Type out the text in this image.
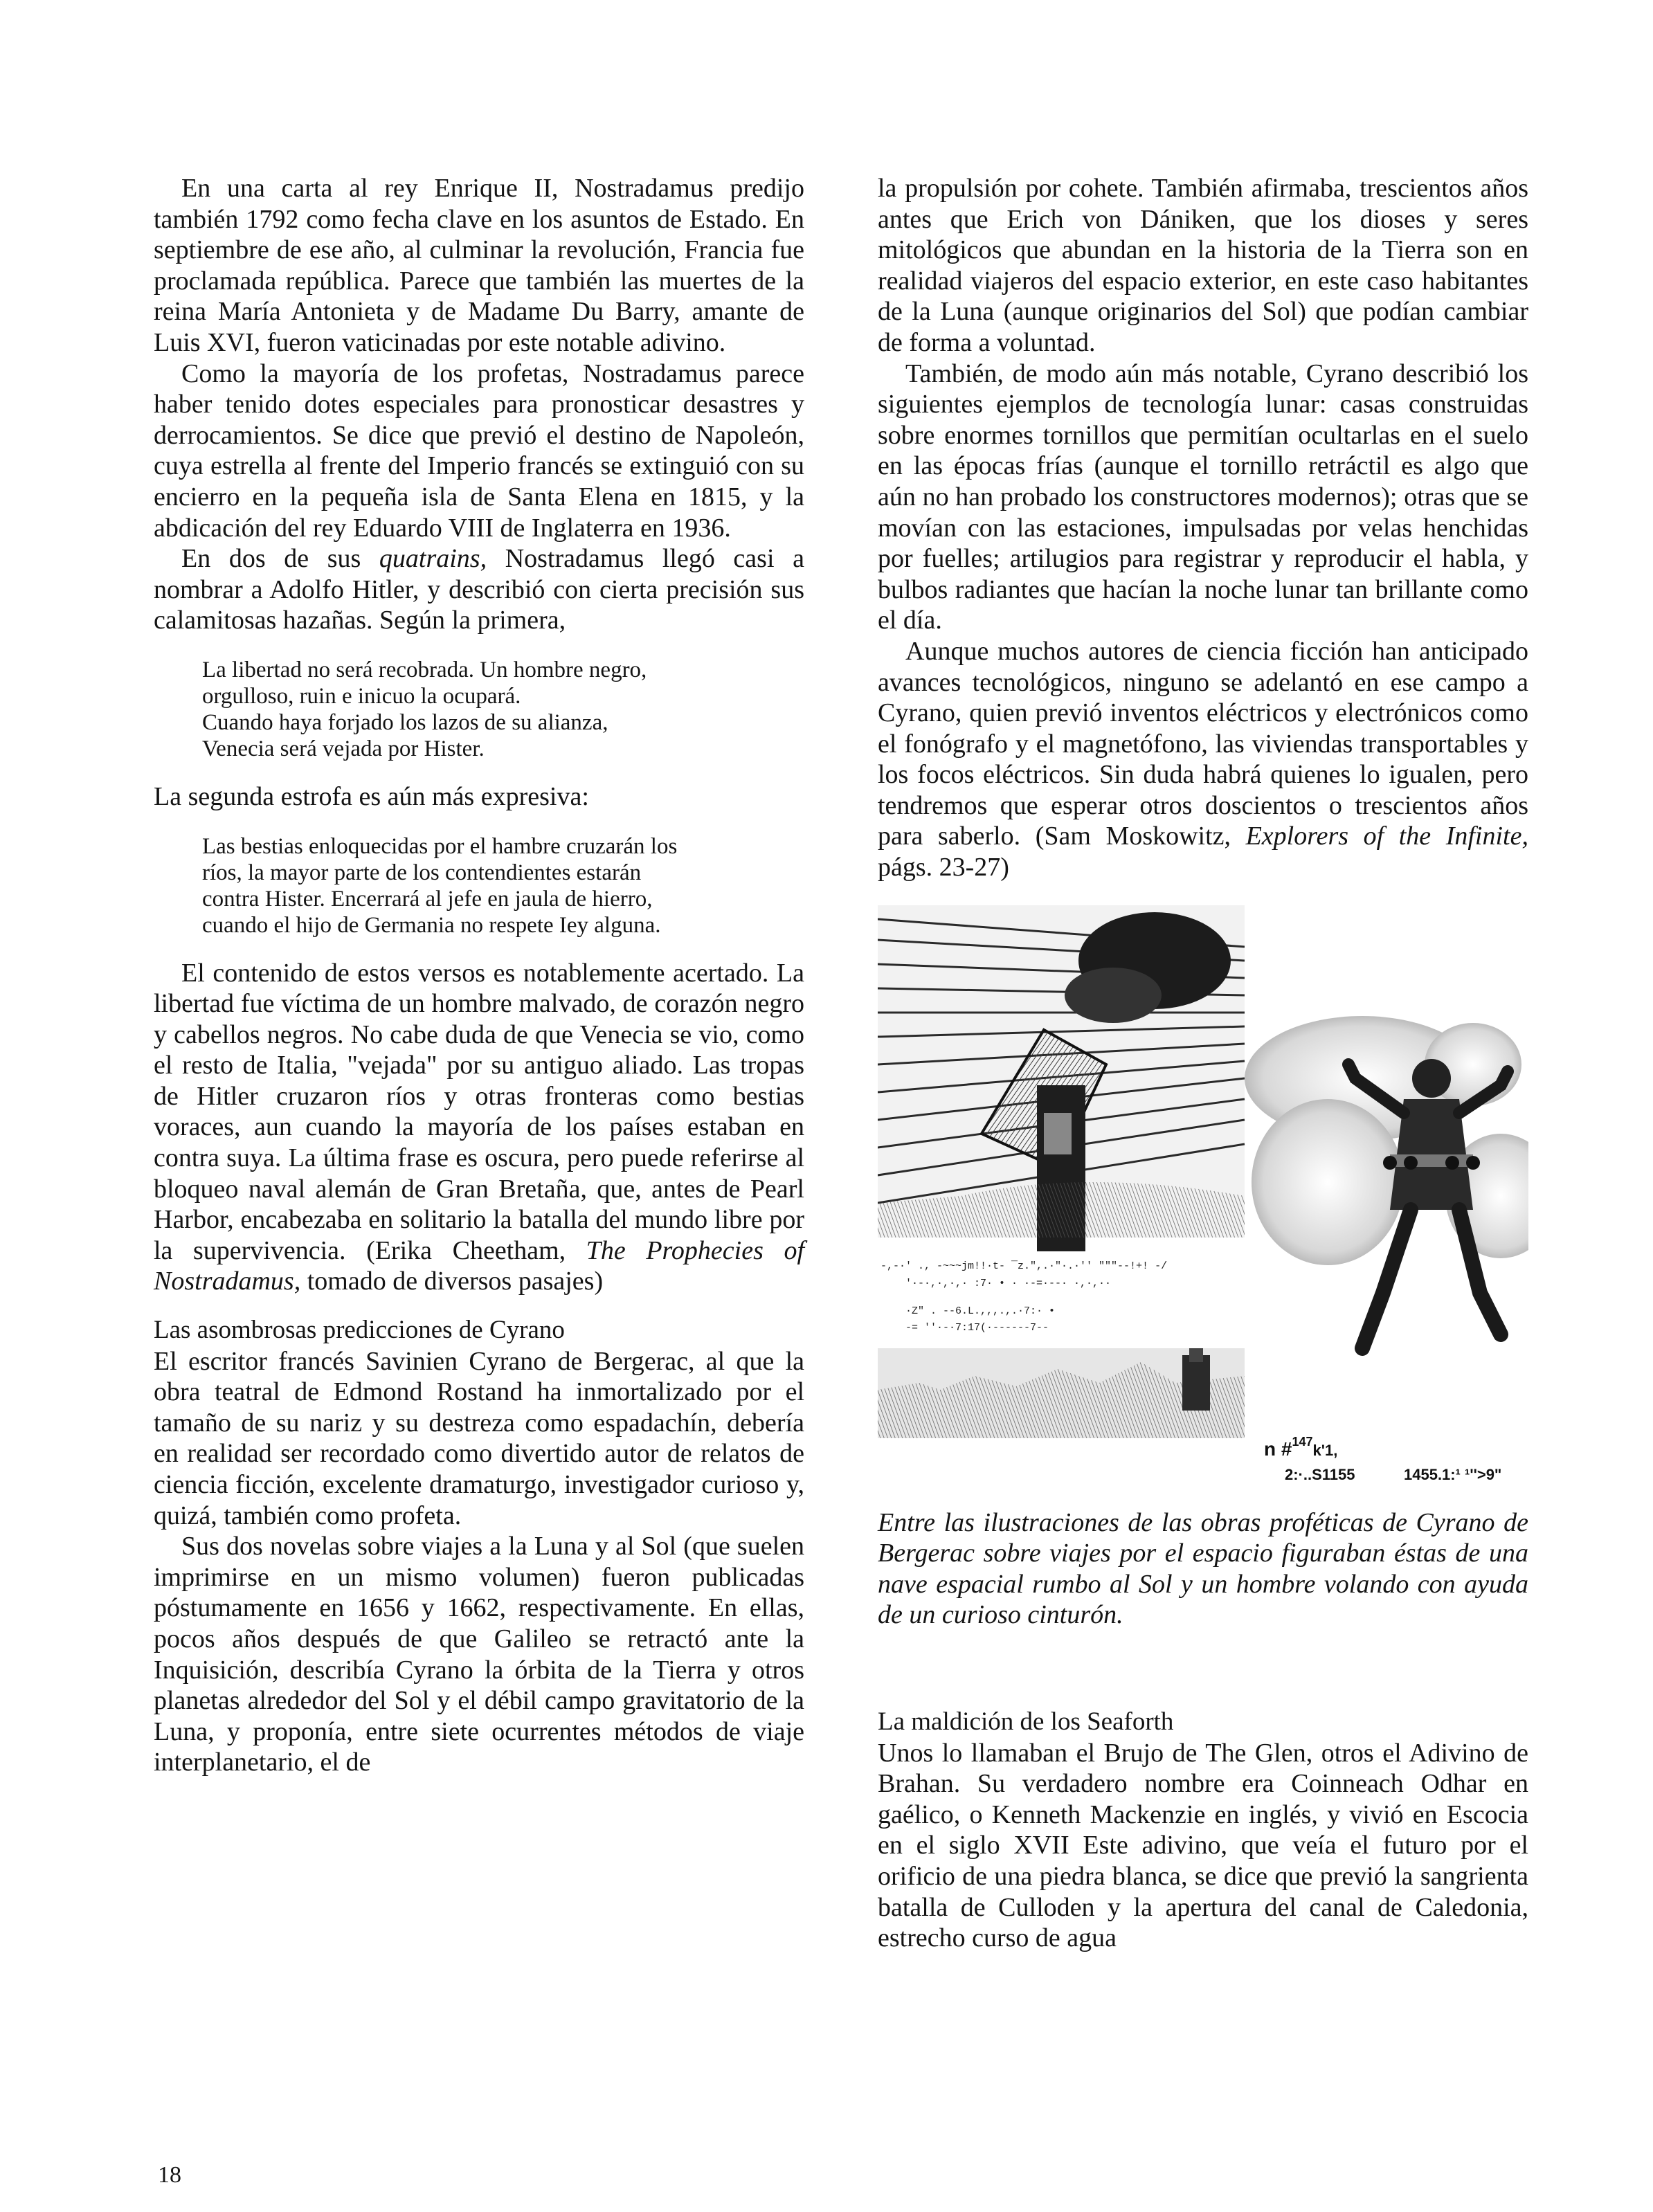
En una carta al rey Enrique II, Nostradamus predijo también 1792 como fecha clave en los asuntos de Estado. En septiembre de ese año, al culminar la revolución, Francia fue proclamada república. Parece que también las muertes de la reina María Antonieta y de Madame Du Barry, amante de Luis XVI, fueron vaticinadas por este notable adivino.

Como la mayoría de los profetas, Nostradamus parece haber tenido dotes especiales para pronosticar desastres y derrocamientos. Se dice que previó el destino de Napoleón, cuya estrella al frente del Imperio francés se extinguió con su encierro en la pequeña isla de Santa Elena en 1815, y la abdicación del rey Eduardo VIII de Inglaterra en 1936.

En dos de sus quatrains, Nostradamus llegó casi a nombrar a Adolfo Hitler, y describió con cierta precisión sus calamitosas hazañas. Según la primera,

La libertad no será recobrada. Un hombre negro,
orgulloso, ruin e inicuo la ocupará.
Cuando haya forjado los lazos de su alianza,
Venecia será vejada por Hister.

La segunda estrofa es aún más expresiva:

Las bestias enloquecidas por el hambre cruzarán los
ríos, la mayor parte de los contendientes estarán
contra Hister. Encerrará al jefe en jaula de hierro,
cuando el hijo de Germania no respete Iey alguna.

El contenido de estos versos es notablemente acertado. La libertad fue víctima de un hombre malvado, de corazón negro y cabellos negros. No cabe duda de que Venecia se vio, como el resto de Italia, "vejada" por su antiguo aliado. Las tropas de Hitler cruzaron ríos y otras fronteras como bestias voraces, aun cuando la mayoría de los países estaban en contra suya. La última frase es oscura, pero puede referirse al bloqueo naval alemán de Gran Bretaña, que, antes de Pearl Harbor, encabezaba en solitario la batalla del mundo libre por la supervivencia. (Erika Cheetham, The Prophecies of Nostradamus, tomado de diversos pasajes)

Las asombrosas predicciones de Cyrano

El escritor francés Savinien Cyrano de Bergerac, al que la obra teatral de Edmond Rostand ha inmortalizado por el tamaño de su nariz y su destreza como espadachín, debería en realidad ser recordado como divertido autor de relatos de ciencia ficción, excelente dramaturgo, investigador curioso y, quizá, también como profeta.

Sus dos novelas sobre viajes a la Luna y al Sol (que suelen imprimirse en un mismo volumen) fueron publicadas póstumamente en 1656 y 1662, respectivamente. En ellas, pocos años después de que Galileo se retractó ante la Inquisición, describía Cyrano la órbita de la Tierra y otros planetas alrededor del Sol y el débil campo gravitatorio de la Luna, y proponía, entre siete ocurrentes métodos de viaje interplanetario, el de

la propulsión por cohete. También afirmaba, trescientos años antes que Erich von Dániken, que los dioses y seres mitológicos que abundan en la historia de la Tierra son en realidad viajeros del espacio exterior, en este caso habitantes de la Luna (aunque originarios del Sol) que podían cambiar de forma a voluntad.

También, de modo aún más notable, Cyrano describió los siguientes ejemplos de tecnología lunar: casas construidas sobre enormes tornillos que permitían ocultarlas en el suelo en las épocas frías (aunque el tornillo retráctil es algo que aún no han probado los constructores modernos); otras que se movían con las estaciones, impulsadas por velas henchidas por fuelles; artilugios para registrar y reproducir el habla, y bulbos radiantes que hacían la noche lunar tan brillante como el día.

Aunque muchos autores de ciencia ficción han anticipado avances tecnológicos, ninguno se adelantó en ese campo a Cyrano, quien previó inventos eléctricos y electrónicos como el fonógrafo y el magnetófono, las viviendas transportables y los focos eléctricos. Sin duda habrá quienes lo igualen, pero tendremos que esperar otros doscientos o trescientos años para saberlo. (Sam Moskowitz, Explorers of the Infinite, págs. 23-27)

-,-·' ., -~~~jm!!·t- ¯z.",.·"·.·'' """--!+! -/
'·-·,·,·,· :7· • · ·-=·--· ·,·,··
·Z" . --6.L.,,,.,.·7:· •
-= ''·-·7:17(·------7--
n #$^{147}_{k'1,}$
2:·..S1155	1455.1:¹ ¹''>9"

Entre las ilustraciones de las obras proféticas de Cyrano de Bergerac sobre viajes por el espacio figuraban éstas de una nave espacial rumbo al Sol y un hombre volando con ayuda de un curioso cinturón.

La maldición de los Seaforth

Unos lo llamaban el Brujo de The Glen, otros el Adivino de Brahan. Su verdadero nombre era Coinneach Odhar en gaélico, o Kenneth Mackenzie en inglés, y vivió en Escocia en el siglo XVII Este adivino, que veía el futuro por el orificio de una piedra blanca, se dice que previó la sangrienta batalla de Culloden y la apertura del canal de Caledonia, estrecho curso de agua

18
